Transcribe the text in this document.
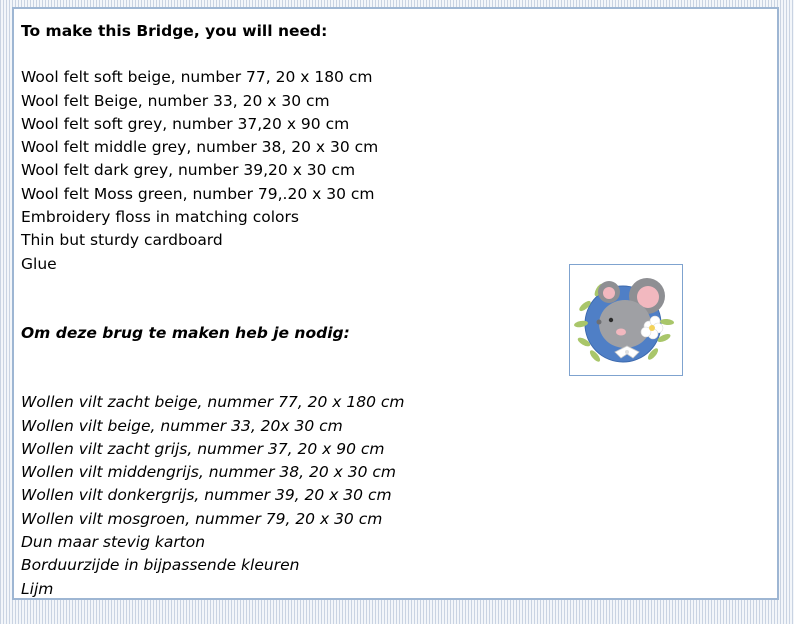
To make this Bridge, you will need:
Wool felt soft beige, number 77, 20 x 180 cm
Wool felt Beige, number 33, 20 x 30 cm
Wool felt soft grey, number 37,20 x 90 cm
Wool felt middle grey, number 38, 20 x 30 cm
Wool felt dark grey, number 39,20 x 30 cm
Wool felt Moss green, number 79,.20 x 30 cm
Embroidery floss in matching colors
Thin but sturdy cardboard
Glue
Om deze brug te maken heb je nodig:
Wollen vilt zacht beige, nummer 77, 20 x 180 cm
Wollen vilt beige, nummer 33, 20x 30 cm
Wollen vilt zacht grijs, nummer 37, 20 x 90 cm
Wollen vilt middengrijs, nummer 38, 20 x 30 cm
Wollen vilt donkergrijs, nummer 39, 20 x 30 cm
Wollen vilt mosgroen, nummer 79, 20 x 30 cm
Dun maar stevig karton
Borduurzijde in bijpassende kleuren
Lijm
